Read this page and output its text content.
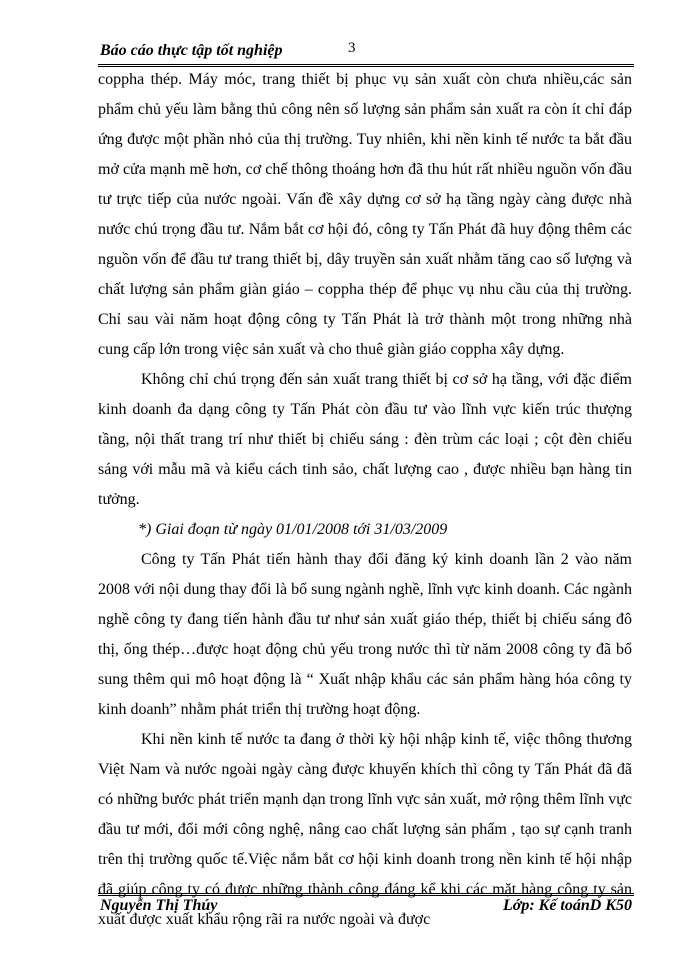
Báo cáo thực tập tốt nghiệp	3

coppha thép. Máy móc, trang thiết bị phục vụ sản xuất còn chưa nhiều,các sản phẩm chủ yếu làm bằng thủ công nên số lượng sản phẩm sản xuất ra còn ít chỉ đáp ứng được một phần nhỏ của thị trường. Tuy nhiên, khi nền kinh tế nước ta bắt đầu mở cửa mạnh mẽ hơn, cơ chế thông thoáng hơn đã thu hút rất nhiều nguồn vốn đầu tư trực tiếp của nước ngoài. Vấn đề xây dựng cơ sở hạ tầng ngày càng được nhà nước chú trọng đầu tư. Nắm bắt cơ hội đó, công ty Tấn Phát đã huy động thêm các nguồn vốn để đầu tư trang thiết bị, dây truyền sản xuất nhằm tăng cao số lượng và chất lượng sản phẩm giàn giáo – coppha thép để phục vụ nhu cầu của thị trường. Chỉ sau vài năm hoạt động công ty Tấn Phát là trở thành một trong những nhà cung cấp lớn trong việc sản xuất và cho thuê giàn giáo coppha xây dựng.

Không chỉ chú trọng đến sản xuất trang thiết bị cơ sở hạ tầng, với đặc điểm kinh doanh đa dạng công ty Tấn Phát còn đầu tư vào lĩnh vực kiến trúc thượng tầng, nội thất trang trí như thiết bị chiếu sáng : đèn trùm các loại ; cột đèn chiếu sáng với mẫu mã và kiểu cách tinh sảo, chất lượng cao , được nhiều bạn hàng tin tưởng.

*) Giai đoạn từ ngày 01/01/2008 tới 31/03/2009

Công ty Tấn Phát tiến hành thay đổi đăng ký kinh doanh lần 2 vào năm 2008 với nội dung thay đổi là bổ sung ngành nghề, lĩnh vực kinh doanh. Các ngành nghề công ty đang tiến hành đầu tư như sản xuất giáo thép, thiết bị chiếu sáng đô thị, ống thép…được hoạt động chủ yếu trong nước thì từ năm 2008 công ty đã bổ sung thêm qui mô hoạt động là “ Xuất nhập khẩu các sản phẩm hàng hóa công ty kinh doanh” nhằm phát triển thị trường hoạt động.

Khi nền kinh tế nước ta đang ở thời kỳ hội nhập kinh tế, việc thông thương Việt Nam và nước ngoài ngày càng được khuyến khích thì công ty Tấn Phát đã đã có những bước phát triển mạnh dạn trong lĩnh vực sản xuất, mở rộng thêm lĩnh vực đầu tư mới, đổi mới công nghệ, nâng cao chất lượng sản phẩm , tạo sự cạnh tranh trên thị trường quốc tế.Việc nắm bắt cơ hội kinh doanh trong nền kinh tế hội nhập đã giúp công ty có được những thành công đáng kể khi các mặt hàng công ty sản xuất được xuất khẩu rộng rãi ra nước ngoài và được

Nguyễn Thị Thúy	Lớp: Kế toánD K50
